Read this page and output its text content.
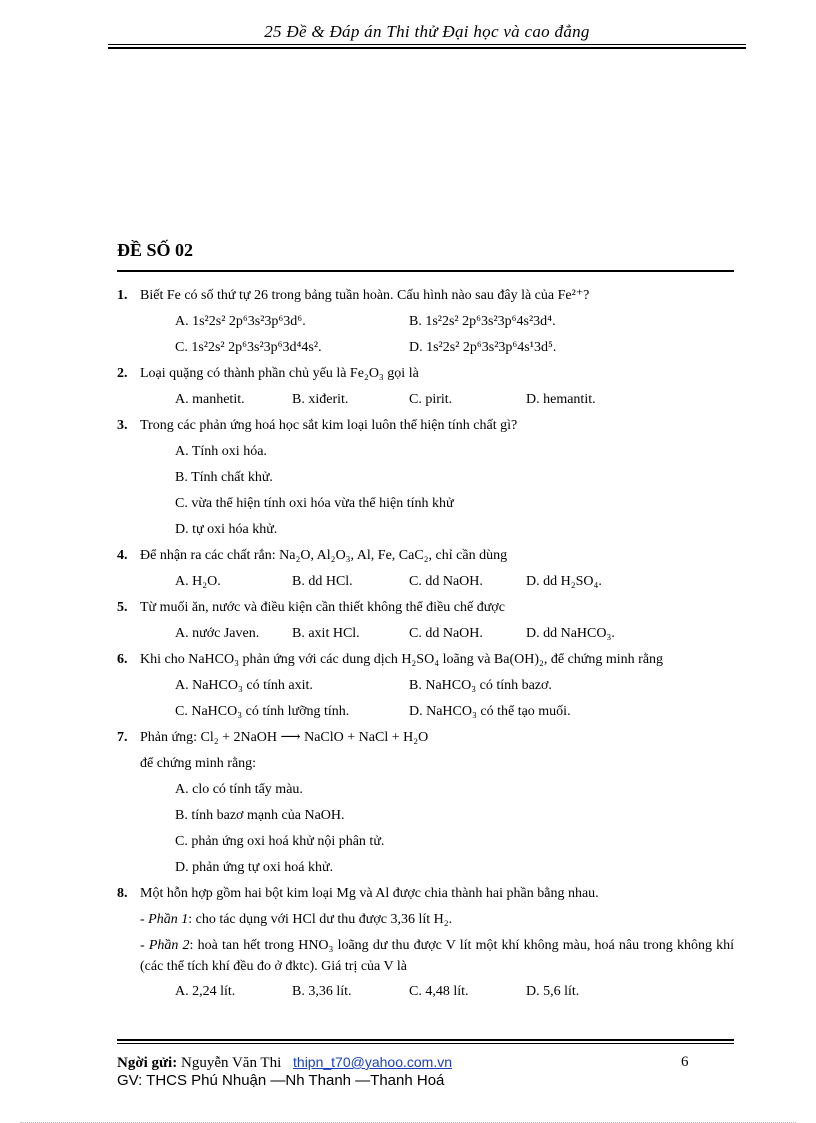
25 Đề & Đáp án Thi thử Đại học và cao đẳng
ĐỀ SỐ 02
1. Biết Fe có số thứ tự 26 trong bảng tuần hoàn. Cấu hình nào sau đây là của Fe²⁺?
A. 1s²2s² 2p⁶3s²3p⁶3d⁶.	B. 1s²2s² 2p⁶3s²3p⁶4s²3d⁴.
C. 1s²2s² 2p⁶3s²3p⁶3d⁴4s².	D. 1s²2s² 2p⁶3s²3p⁶4s¹3d⁵.
2. Loại quặng có thành phần chủ yếu là Fe₂O₃ gọi là
A. manhetit.	B. xiđerit.	C. pirit.	D. hemantit.
3. Trong các phản ứng hoá học sắt kim loại luôn thể hiện tính chất gì?
A. Tính oxi hóa.
B. Tính chất khử.
C. vừa thể hiện tính oxi hóa vừa thể hiện tính khử
D. tự oxi hóa khử.
4. Để nhận ra các chất rắn: Na₂O, Al₂O₃, Al, Fe, CaC₂, chỉ cần dùng
A. H₂O.	B. dd HCl.	C. dd NaOH.	D. dd H₂SO₄.
5. Từ muối ăn, nước và điều kiện cần thiết không thể điều chế được
A. nước Javen.	B. axit HCl.	C. dd NaOH.	D. dd NaHCO₃.
6. Khi cho NaHCO₃ phản ứng với các dung dịch H₂SO₄ loãng và Ba(OH)₂, để chứng minh rằng
A. NaHCO₃ có tính axit.	B. NaHCO₃ có tính bazơ.
C. NaHCO₃ có tính lưỡng tính.	D. NaHCO₃ có thể tạo muối.
7. Phản ứng: Cl₂ + 2NaOH ⟶ NaClO + NaCl + H₂O
để chứng minh rằng:
A. clo có tính tẩy màu.
B. tính bazơ mạnh của NaOH.
C. phản ứng oxi hoá khử nội phân tử.
D. phản ứng tự oxi hoá khử.
8. Một hỗn hợp gồm hai bột kim loại Mg và Al được chia thành hai phần bằng nhau.
- Phần 1: cho tác dụng với HCl dư thu được 3,36 lít H₂.
- Phần 2: hoà tan hết trong HNO₃ loãng dư thu được V lít một khí không màu, hoá nâu trong không khí (các thể tích khí đều đo ở đktc). Giá trị của V là
A. 2,24 lít.	B. 3,36 lít.	C. 4,48 lít.	D. 5,6 lít.
Ngời gửi: Nguyễn Văn Thi thipn_t70@yahoo.com.vn	6
GV: THCS Phú Nhuận —Nh Thanh —Thanh Hoá
